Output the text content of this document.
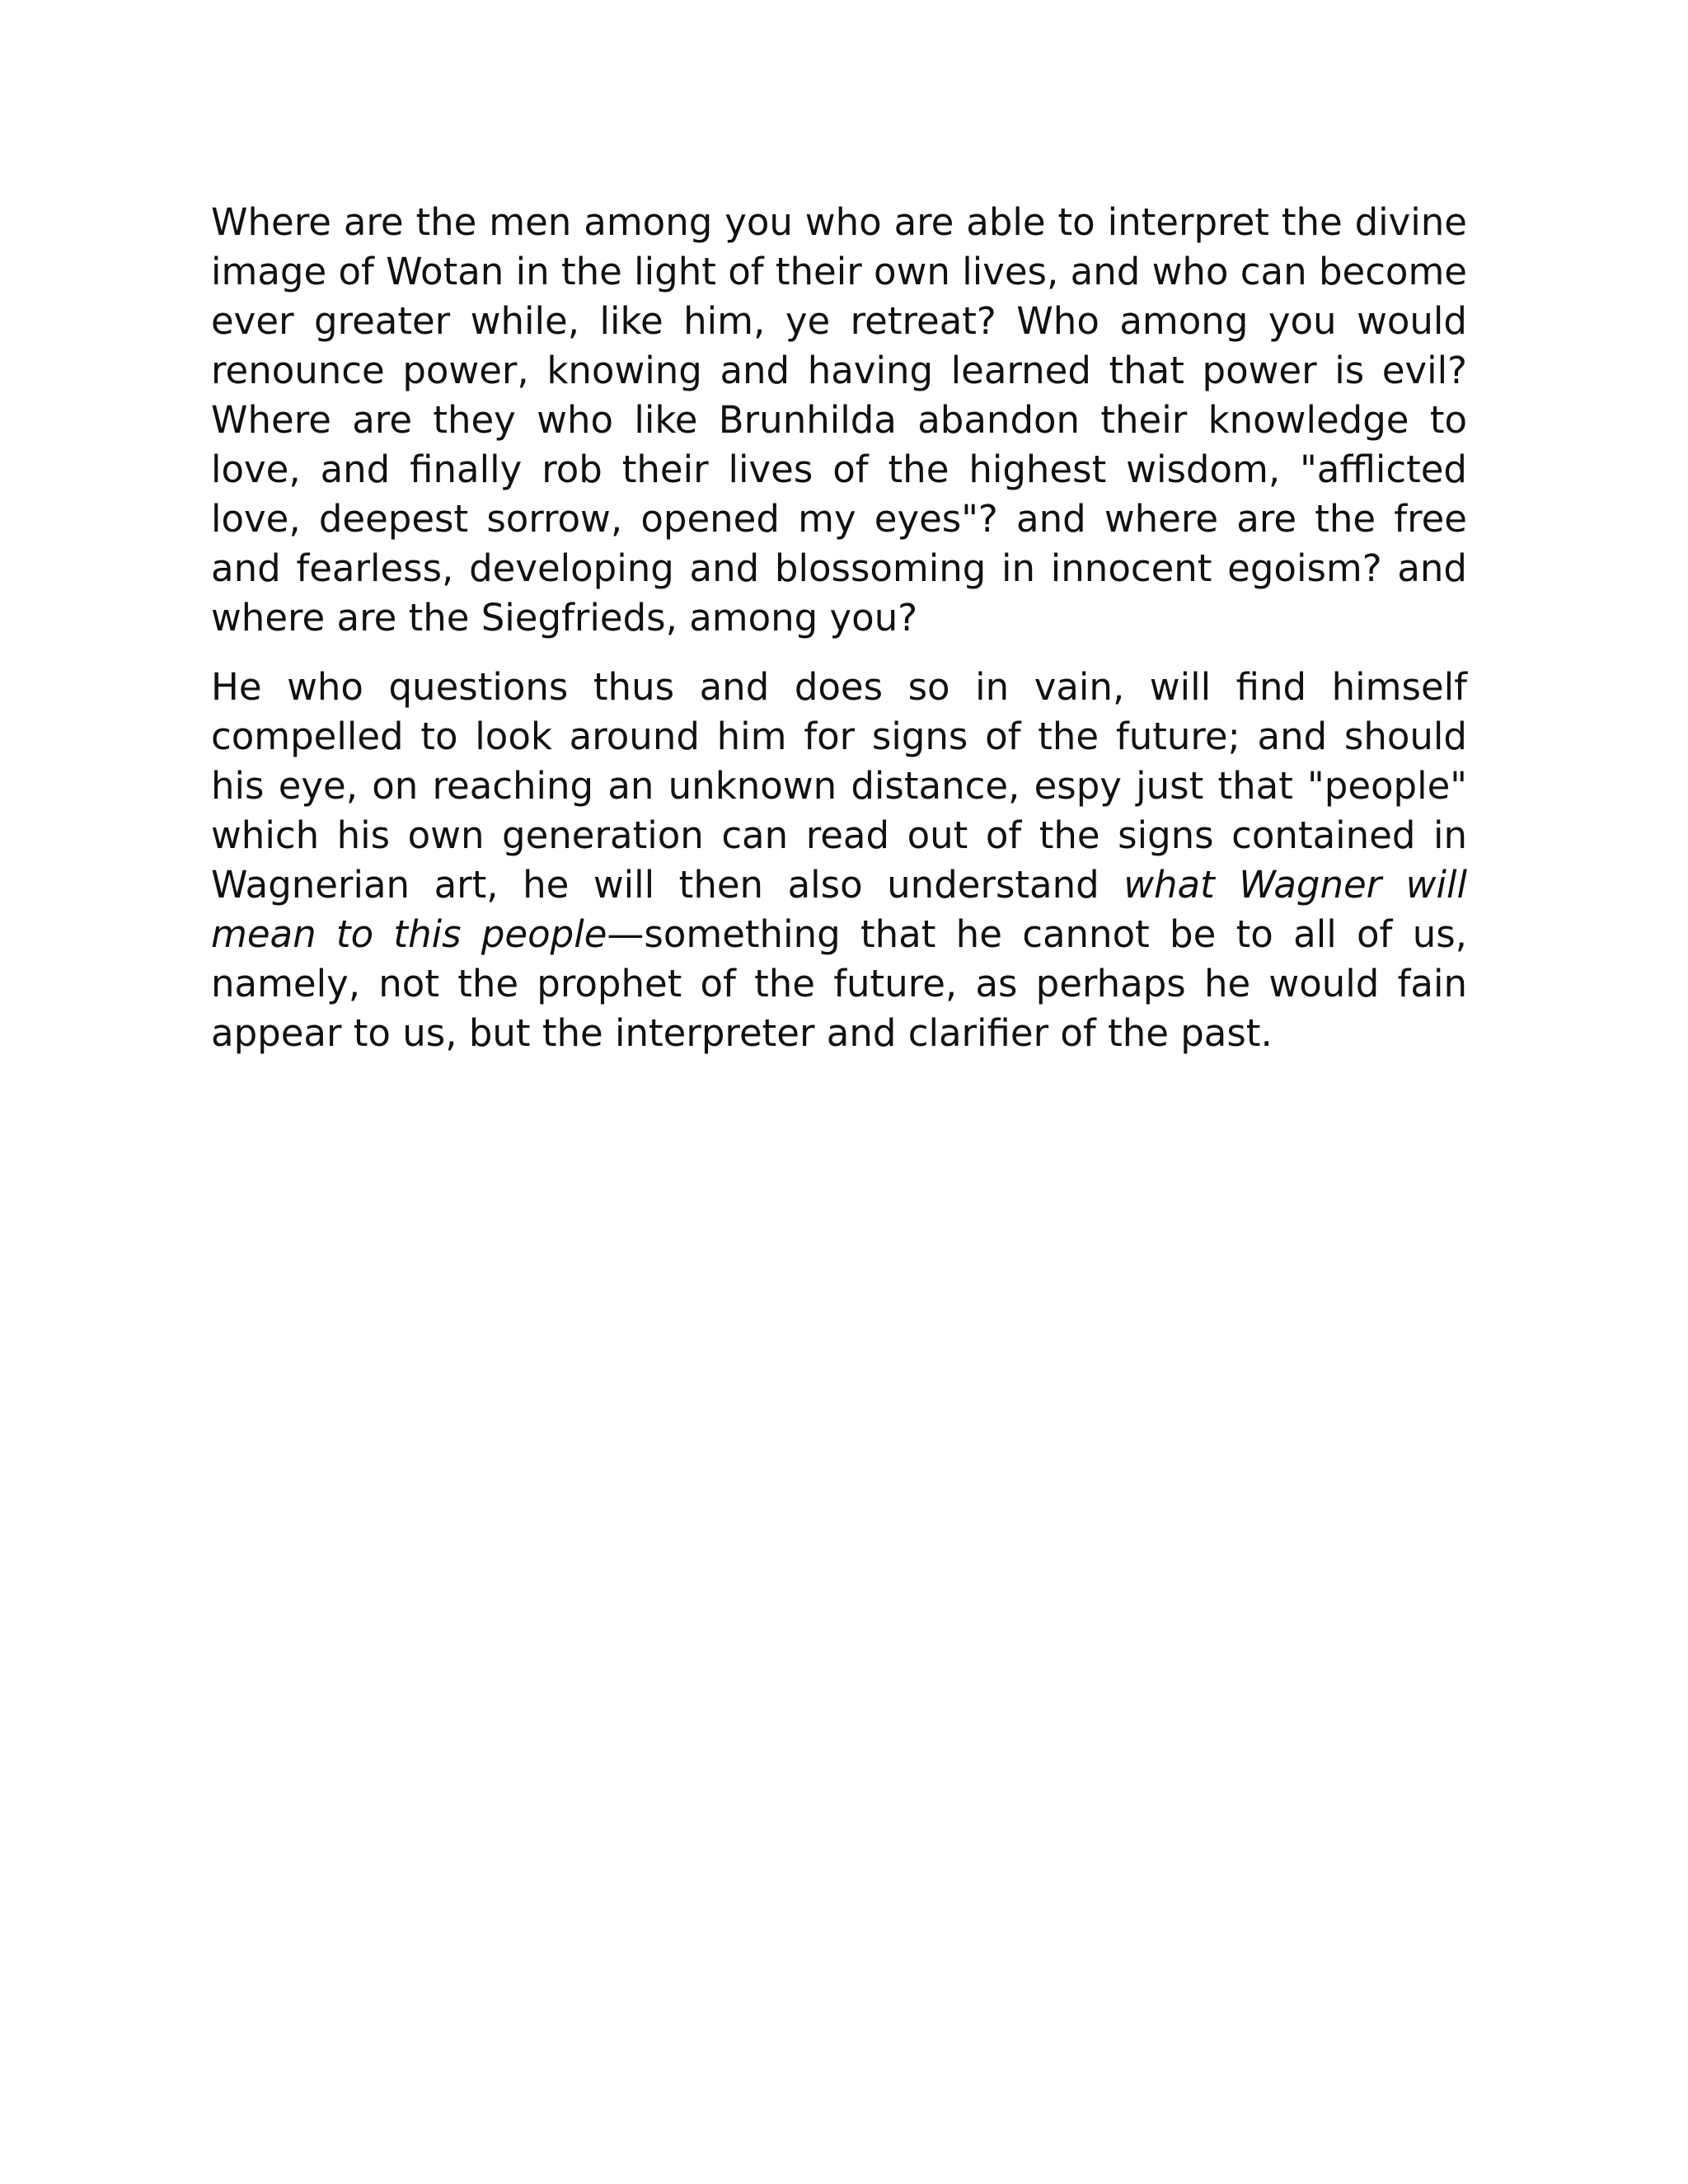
Where are the men among you who are able to interpret the divine image of Wotan in the light of their own lives, and who can become ever greater while, like him, ye retreat? Who among you would renounce power, knowing and having learned that power is evil? Where are they who like Brunhilda abandon their knowledge to love, and finally rob their lives of the highest wisdom, "afflicted love, deepest sorrow, opened my eyes"? and where are the free and fearless, developing and blossoming in innocent egoism? and where are the Siegfrieds, among you?

He who questions thus and does so in vain, will find himself compelled to look around him for signs of the future; and should his eye, on reaching an unknown distance, espy just that "people" which his own generation can read out of the signs contained in Wagnerian art, he will then also understand what Wagner will mean to this people—something that he cannot be to all of us, namely, not the prophet of the future, as perhaps he would fain appear to us, but the interpreter and clarifier of the past.
